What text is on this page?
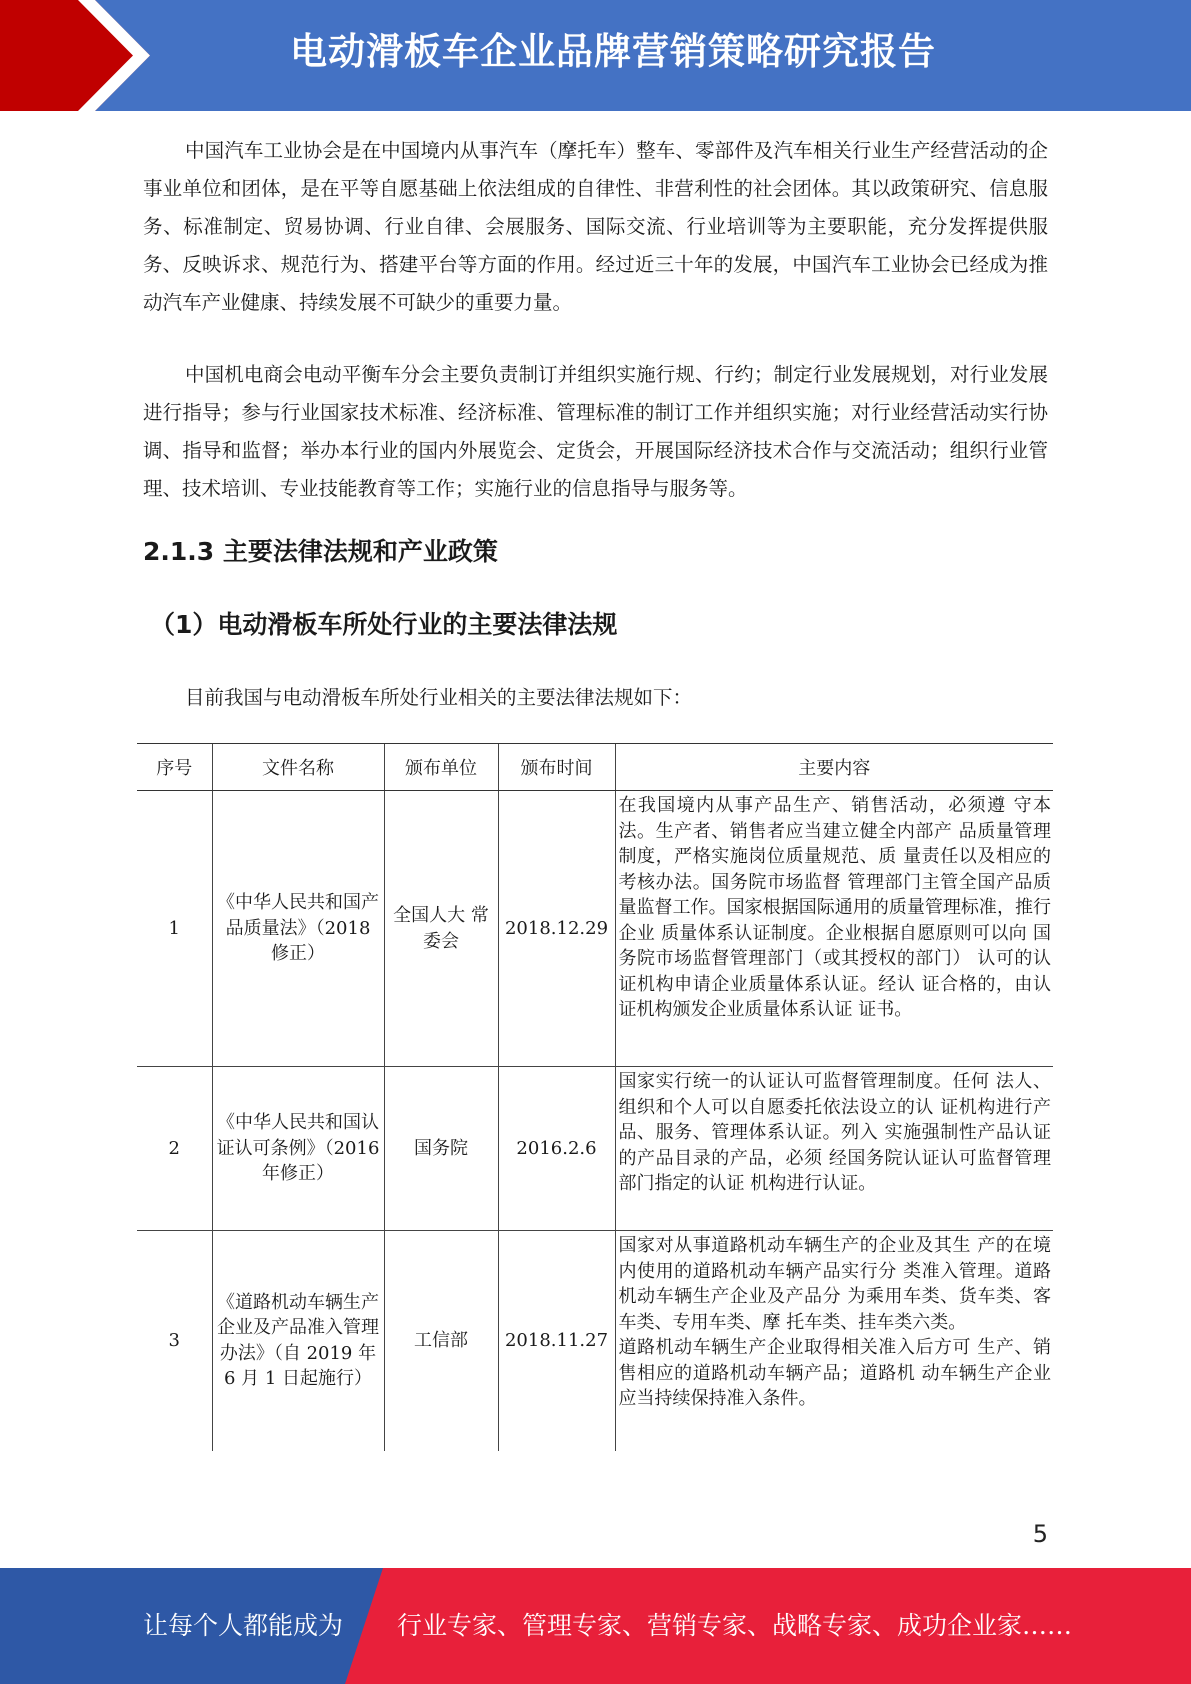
电动滑板车企业品牌营销策略研究报告
中国汽车工业协会是在中国境内从事汽车（摩托车）整车、零部件及汽车相关行业生产经营活动的企事业单位和团体，是在平等自愿基础上依法组成的自律性、非营利性的社会团体。其以政策研究、信息服务、标准制定、贸易协调、行业自律、会展服务、国际交流、行业培训等为主要职能，充分发挥提供服务、反映诉求、规范行为、搭建平台等方面的作用。经过近三十年的发展，中国汽车工业协会已经成为推动汽车产业健康、持续发展不可缺少的重要力量。
中国机电商会电动平衡车分会主要负责制订并组织实施行规、行约；制定行业发展规划，对行业发展进行指导；参与行业国家技术标准、经济标准、管理标准的制订工作并组织实施；对行业经营活动实行协调、指导和监督；举办本行业的国内外展览会、定货会，开展国际经济技术合作与交流活动；组织行业管理、技术培训、专业技能教育等工作；实施行业的信息指导与服务等。
2.1.3 主要法律法规和产业政策
（1）电动滑板车所处行业的主要法律法规
目前我国与电动滑板车所处行业相关的主要法律法规如下：
序号	文件名称	颁布单位	颁布时间	主要内容
1	《中华人民共和国产品质量法》（2018 修正）	全国人大 常委会	2018.12.29	在我国境内从事产品生产、销售活动，必须遵 守本法。生产者、销售者应当建立健全内部产 品质量管理制度，严格实施岗位质量规范、质 量责任以及相应的考核办法。国务院市场监督 管理部门主管全国产品质量监督工作。国家根据国际通用的质量管理标准，推行企业 质量体系认证制度。企业根据自愿原则可以向 国务院市场监督管理部门（或其授权的部门） 认可的认证机构申请企业质量体系认证。经认 证合格的，由认证机构颁发企业质量体系认证 证书。
2	《中华人民共和国认证认可条例》（2016 年修正）	国务院	2016.2.6	国家实行统一的认证认可监督管理制度。任何 法人、组织和个人可以自愿委托依法设立的认 证机构进行产品、服务、管理体系认证。列入 实施强制性产品认证的产品目录的产品，必须 经国务院认证认可监督管理部门指定的认证 机构进行认证。
3	《道路机动车辆生产企业及产品准入管理办法》（自 2019 年 6 月 1 日起施行）	工信部	2018.11.27	国家对从事道路机动车辆生产的企业及其生 产的在境内使用的道路机动车辆产品实行分 类准入管理。道路机动车辆生产企业及产品分 为乘用车类、货车类、客车类、专用车类、摩 托车类、挂车类六类。
道路机动车辆生产企业取得相关准入后方可 生产、销售相应的道路机动车辆产品；道路机 动车辆生产企业应当持续保持准入条件。
5
让每个人都能成为 行业专家、管理专家、营销专家、战略专家、成功企业家……
